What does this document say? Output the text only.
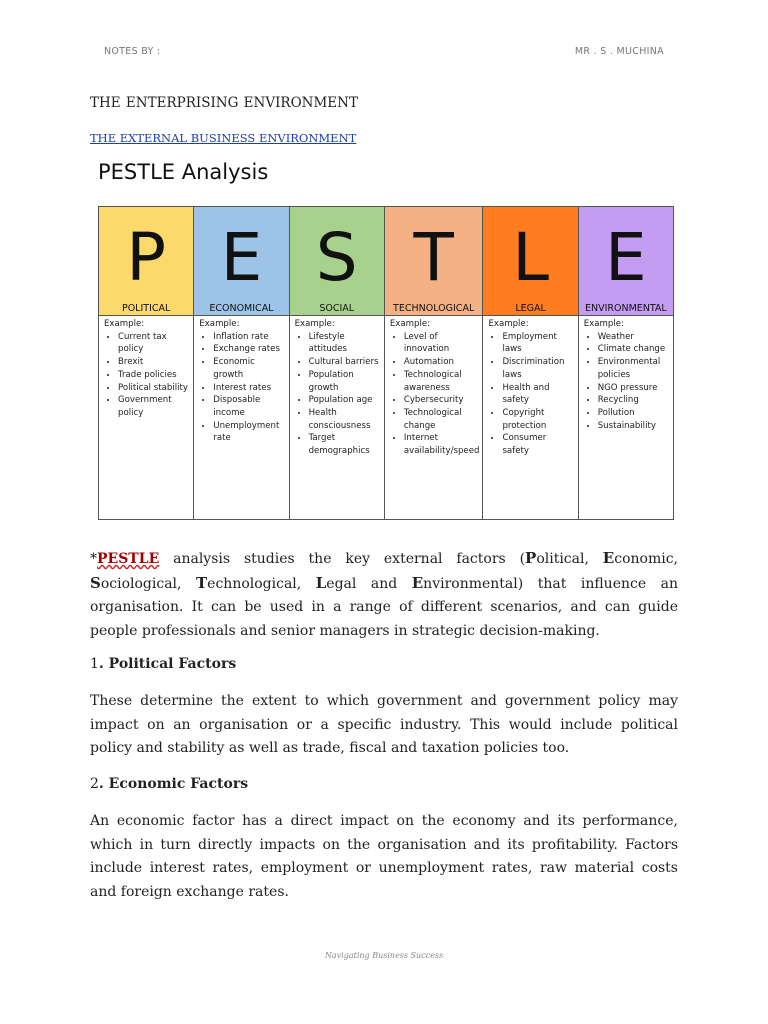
NOTES BY :	MR . S . MUCHINA
THE ENTERPRISING ENVIRONMENT
THE EXTERNAL BUSINESS ENVIRONMENT
PESTLE Analysis
P
POLITICAL
Example:
• Current tax policy
• Brexit
• Trade policies
• Political stability
• Government policy
E
ECONOMICAL
Example:
• Inflation rate
• Exchange rates
• Economic growth
• Interest rates
• Disposable income
• Unemployment rate
S
SOCIAL
Example:
• Lifestyle attitudes
• Cultural barriers
• Population growth
• Population age
• Health consciousness
• Target demographics
T
TECHNOLOGICAL
Example:
• Level of innovation
• Automation
• Technological awareness
• Cybersecurity
• Technological change
• Internet availability/speed
L
LEGAL
Example:
• Employment laws
• Discrimination laws
• Health and safety
• Copyright protection
• Consumer safety
E
ENVIRONMENTAL
Example:
• Weather
• Climate change
• Environmental policies
• NGO pressure
• Recycling
• Pollution
• Sustainability

*PESTLE analysis studies the key external factors (Political, Economic, Sociological, Technological, Legal and Environmental) that influence an organisation. It can be used in a range of different scenarios, and can guide people professionals and senior managers in strategic decision-making.

1. Political Factors

These determine the extent to which government and government policy may impact on an organisation or a specific industry. This would include political policy and stability as well as trade, fiscal and taxation policies too.

2. Economic Factors

An economic factor has a direct impact on the economy and its performance, which in turn directly impacts on the organisation and its profitability. Factors include interest rates, employment or unemployment rates, raw material costs and foreign exchange rates.

Navigating Business Success
